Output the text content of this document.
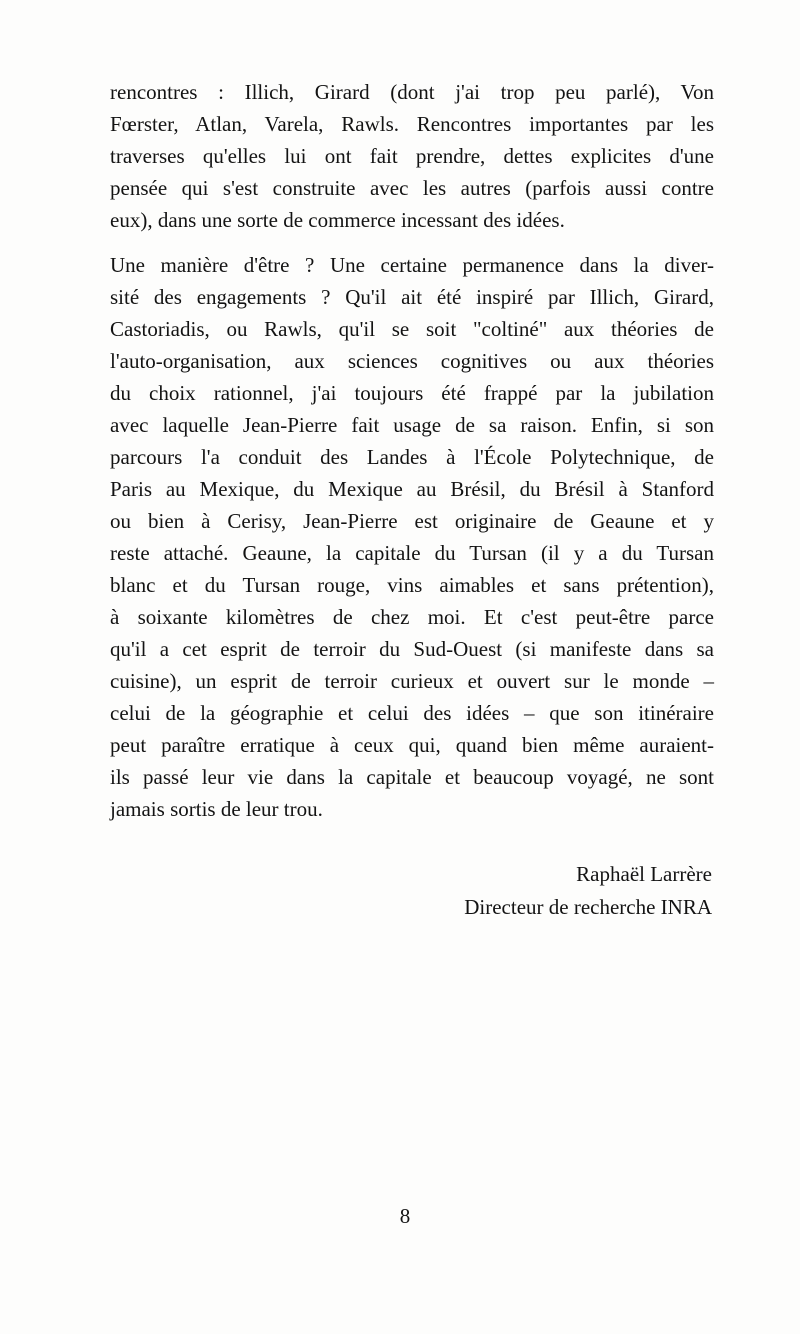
rencontres : Illich, Girard (dont j'ai trop peu parlé), Von
Fœrster, Atlan, Varela, Rawls. Rencontres importantes par les
traverses qu'elles lui ont fait prendre, dettes explicites d'une
pensée qui s'est construite avec les autres (parfois aussi contre
eux), dans une sorte de commerce incessant des idées.
Une manière d'être ? Une certaine permanence dans la diver-
sité des engagements ? Qu'il ait été inspiré par Illich, Girard,
Castoriadis, ou Rawls, qu'il se soit "coltiné" aux théories de
l'auto-organisation, aux sciences cognitives ou aux théories
du choix rationnel, j'ai toujours été frappé par la jubilation
avec laquelle Jean-Pierre fait usage de sa raison. Enfin, si son
parcours l'a conduit des Landes à l'École Polytechnique, de
Paris au Mexique, du Mexique au Brésil, du Brésil à Stanford
ou bien à Cerisy, Jean-Pierre est originaire de Geaune et y
reste attaché. Geaune, la capitale du Tursan (il y a du Tursan
blanc et du Tursan rouge, vins aimables et sans prétention),
à soixante kilomètres de chez moi. Et c'est peut-être parce
qu'il a cet esprit de terroir du Sud-Ouest (si manifeste dans sa
cuisine), un esprit de terroir curieux et ouvert sur le monde –
celui de la géographie et celui des idées – que son itinéraire
peut paraître erratique à ceux qui, quand bien même auraient-
ils passé leur vie dans la capitale et beaucoup voyagé, ne sont
jamais sortis de leur trou.
Raphaël Larrère
Directeur de recherche INRA
8
